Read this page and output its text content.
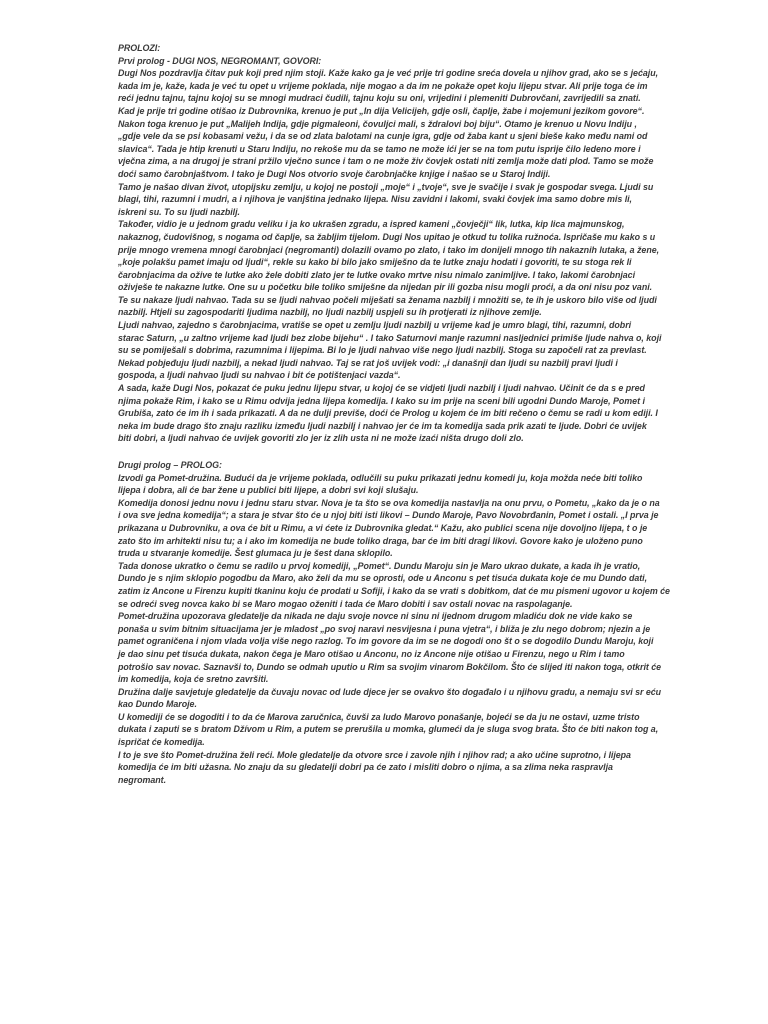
PROLOZI:
Prvi prolog - DUGI NOS, NEGROMANT, GOVORI:
Dugi Nos pozdravlja čitav puk koji pred njim stoji. Kaže kako ga je već prije tri godine sreća dovela u njihov grad, ako se s jećaju,
kada im je, kaže, kada je već tu opet u vrijeme poklada, nije mogao a da im ne pokaže opet koju lijepu stvar. Ali prije toga će im
reći jednu tajnu, tajnu kojoj su se mnogi mudraci čudili, tajnu koju su oni, vrijedini i plemeniti Dubrovčani, zavrijedili sa znati.
Kad je prije tri godine otišao iz Dubrovnika, krenuo je put „In dija Velicijeh, gdje osli, čaplje, žabe i mojemuni jezikom govore“.
Nakon toga krenuo je put „Malijeh Indija, gdje pigmaleoni, čovuljci mali, s ždralovi boj biju“. Otamo je krenuo u Novu Indiju ,
„gdje vele da se psi kobasami vežu, i da se od zlata balotami na cunje igra, gdje od žaba kant u sjeni bieše kako među nami od
slavica“. Tada je htip krenuti u Staru Indiju, no rekoše mu da se tamo ne može ići jer se na tom putu isprije čilo ledeno more i
vječna zima, a na drugoj je strani pržilo vječno sunce i tam o ne može živ čovjek ostati niti zemlja može dati plod. Tamo se može
doći samo čarobnjaštvom. I tako je Dugi Nos otvorio svoje čarobnjačke knjige i našao se u Staroj Indiji.
Tamo je našao divan život, utopijsku zemlju, u kojoj ne postoji „moje“ i „tvoje“, sve je svačije i svak je gospodar svega. Ljudi su
blagi, tihi, razumni i mudri, a i njihova je vanjština jednako lijepa. Nisu zavidni i lakomi, svaki čovjek ima samo dobre mis li,
iskreni su. To su ljudi nazbilj.
Također, vidio je u jednom gradu veliku i ja ko ukrašen zgradu, a ispred kameni „čovječji“ lik, lutka, kip lica majmunskog,
nakaznog, čudovišnog, s nogama od čaplje, sa žabljim tijelom. Dugi Nos upitao je otkud tu tolika ružnoća. Ispričaše mu kako s u
prije mnogo vremena mnogi čarobnjaci (negromanti) dolazili ovamo po zlato, i tako im donijeli mnogo tih nakaznih lutaka, a žene,
„koje polakšu pamet imaju od ljudi“, rekle su kako bi bilo jako smiješno da te lutke znaju hodati i govoriti, te su stoga rek li
čarobnjacima da ožive te lutke ako žele dobiti zlato jer te lutke ovako mrtve nisu nimalo zanimljive. I tako, lakomi čarobnjaci
oživješe te nakazne lutke. One su u početku bile toliko smiješne da nijedan pir ili gozba nisu mogli proći, a da oni nisu poz vani.
Te su nakaze ljudi nahvao. Tada su se ljudi nahvao počeli miješati sa ženama nazbilj i množiti se, te ih je uskoro bilo više od ljudi
nazbilj. Htjeli su zagospodariti ljudima nazbilj, no ljudi nazbilj uspjeli su ih protjerati iz njihove zemlje.
Ljudi nahvao, zajedno s čarobnjacima, vratiše se opet u zemlju ljudi nazbilj u vrijeme kad je umro blagi, tihi, razumni, dobri
starac Saturn, „u zaltno vrijeme kad ljudi bez zlobe bijehu“ . I tako Saturnovi manje razumni nasljednici primiše ljude nahva o, koji
su se pomiješali s dobrima, razumnima i lijepima. Bi lo je ljudi nahvao više nego ljudi nazbilj. Stoga su započeli rat za prevlast.
Nekad pobjeđuju ljudi nazbilj, a nekad ljudi nahvao. Taj se rat još uvijek vodi: „i današnji dan ljudi su nazbilj pravi ljudi i
gospoda, a ljudi nahvao ljudi su nahvao i bit će potištenjaci vazda“.
A sada, kaže Dugi Nos, pokazat će puku jednu lijepu stvar, u kojoj će se vidjeti ljudi nazbilj i ljudi nahvao. Učinit će da s e pred
njima pokaže Rim, i kako se u Rimu odvija jedna lijepa komedija. I kako su im prije na sceni bili ugodni Dundo Maroje, Pomet i
Grubiša, zato će im ih i sada prikazati. A da ne dulji previše, doći će Prolog u kojem će im biti rečeno o čemu se radi u kom ediji. I
neka im bude drago što znaju razliku između ljudi nazbilj i nahvao jer će im ta komedija sada prik azati te ljude. Dobri će uvijek
biti dobri, a ljudi nahvao će uvijek govoriti zlo jer iz zlih usta ni ne može izaći ništa drugo doli zlo.
Drugi prolog – PROLOG:
Izvodi ga Pomet-družina. Budući da je vrijeme poklada, odlučili su puku prikazati jednu komedi ju, koja možda neće biti toliko
lijepa i dobra, ali će bar žene u publici biti lijepe, a dobri svi koji slušaju.
Komedija donosi jednu novu i jednu staru stvar. Nova je ta što se ova komedija nastavlja na onu prvu, o Pometu, „kako da je o na
i ova sve jedna komedija“; a stara je stvar što će u njoj biti isti likovi – Dundo Maroje, Pavo Novobrđanin, Pomet i ostali. „I prva je
prikazana u Dubrovniku, a ova će bit u Rimu, a vi ćete iz Dubrovnika gledat.“ Kažu, ako publici scena nije dovoljno lijepa, t o je
zato što im arhitekti nisu tu; a i ako im komedija ne bude toliko draga, bar će im biti dragi likovi. Govore kako je uloženo puno
truda u stvaranje komedije. Šest glumaca ju je šest dana sklopilo.
Tada donose ukratko o čemu se radilo u prvoj komediji, „Pomet“. Dundu Maroju sin je Maro ukrao dukate, a kada ih je vratio,
Dundo je s njim sklopio pogodbu da Maro, ako želi da mu se oprosti, ode u Anconu s pet tisuća dukata koje će mu Dundo dati,
zatim iz Ancone u Firenzu kupiti tkaninu koju će prodati u Sofiji, i kako da se vrati s dobitkom, dat će mu pismeni ugovor u kojem će
se odreći sveg novca kako bi se Maro mogao oženiti i tada će Maro dobiti i sav ostali novac na raspolaganje.
Pomet-družina upozorava gledatelje da nikada ne daju svoje novce ni sinu ni ijednom drugom mladiću dok ne vide kako se
ponaša u svim bitnim situacijama jer je mladost „po svoj naravi nesvijesna i puna vjetra“, i bliža je zlu nego dobrom; njezin a je
pamet ograničena i njom vlada volja više nego razlog. To im govore da im se ne dogodi ono št o se dogodilo Dundu Maroju, koji
je dao sinu pet tisuća dukata, nakon čega je Maro otišao u Anconu, no iz Ancone nije otišao u Firenzu, nego u Rim i tamo
potrošio sav novac. Saznavši to, Dundo se odmah uputio u Rim sa svojim vinarom Bokčilom. Što će slijed iti nakon toga, otkrit će
im komedija, koja će sretno završiti.
Družina dalje savjetuje gledatelje da čuvaju novac od lude djece jer se ovakvo što događalo i u njihovu gradu, a nemaju svi sr eću
kao Dundo Maroje.
U komediji će se dogoditi i to da će Marova zaručnica, čuvši za ludo Marovo ponašanje, bojeći se da ju ne ostavi, uzme tristo
dukata i zaputi se s bratom Džívom u Rim, a putem se prerušila u momka, glumeći da je sluga svog brata. Što će biti nakon tog a,
ispričat će komedija.
I to je sve što Pomet-družina želi reći. Mole gledatelje da otvore srce i zavole njih i njihov rad; a ako učine suprotno, i lijepa
komedija će im biti užasna. No znaju da su gledatelji dobri pa će zato i misliti dobro o njima, a sa zlima neka raspravlja
negromant.
